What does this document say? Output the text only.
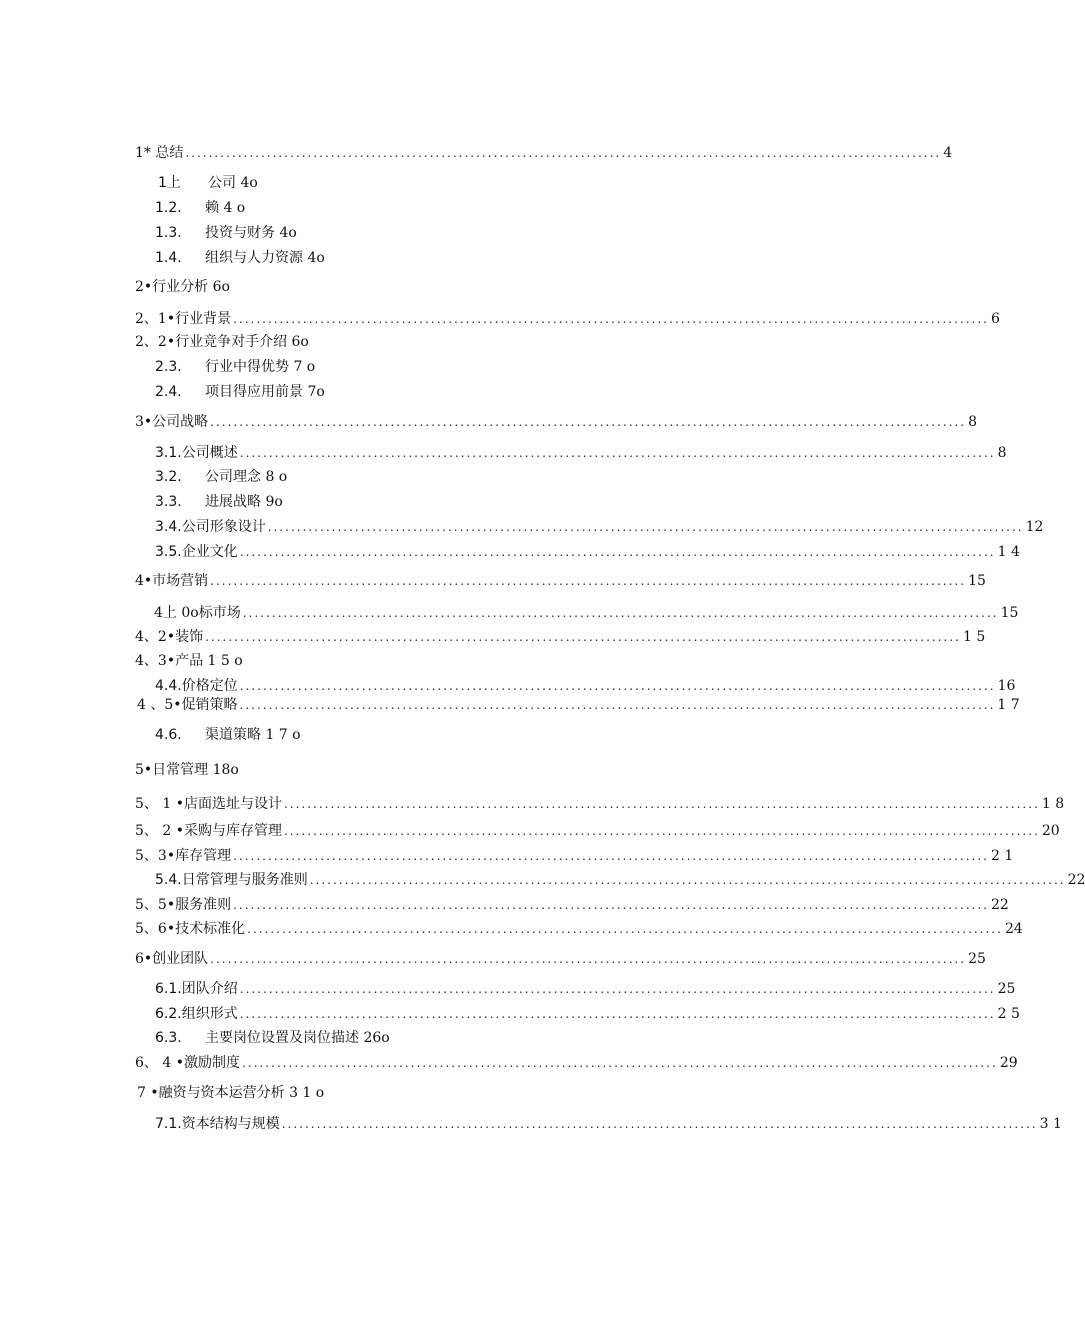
1* 总结 .................................................................................................................................. 4
1上	公司 4o
1.2.	赖 4 o
1.3.	投资与财务 4o
1.4.	组织与人力资源 4o
2•行业分析 6o
2、1•行业背景 .................................................................................................................................. 6
2、2•行业竞争对手介绍 6o
2.3.	行业中得优势 7 o
2.4.	项目得应用前景 7o
3•公司战略 .................................................................................................................................. 8
3.1. 公司概述 .................................................................................................................................. 8
3.2.	公司理念 8 o
3.3.	进展战略 9o
3.4. 公司形象设计 .................................................................................................................................. 12
3.5. 企业文化 .................................................................................................................................. 1 4
4•市场营销 .................................................................................................................................. 15
4上 0o标市场 .................................................................................................................................. 15
4、2•装饰 .................................................................................................................................. 1 5
4、3•产品 1 5 o
4.4. 价格定位 .................................................................................................................................. 16
4 、5•促销策略 .................................................................................................................................. 1 7
4.6.	渠道策略 1 7 o
5•日常管理 18o
5、 1 •店面选址与设计 .................................................................................................................................. 1 8
5、 2 •采购与库存管理 .................................................................................................................................. 20
5、3•库存管理 .................................................................................................................................. 2 1
5.4. 日常管理与服务准则 .................................................................................................................................. 22
5、5•服务准则 .................................................................................................................................. 22
5、6•技术标准化 .................................................................................................................................. 24
6•创业团队 .................................................................................................................................. 25
6.1. 团队介绍 .................................................................................................................................. 25
6.2. 组织形式 .................................................................................................................................. 2 5
6.3.	主要岗位设置及岗位描述 26o
6、 4 •激励制度 .................................................................................................................................. 29
7 •融资与资本运营分析 3 1 o
7.1. 资本结构与规模 .................................................................................................................................. 3 1
